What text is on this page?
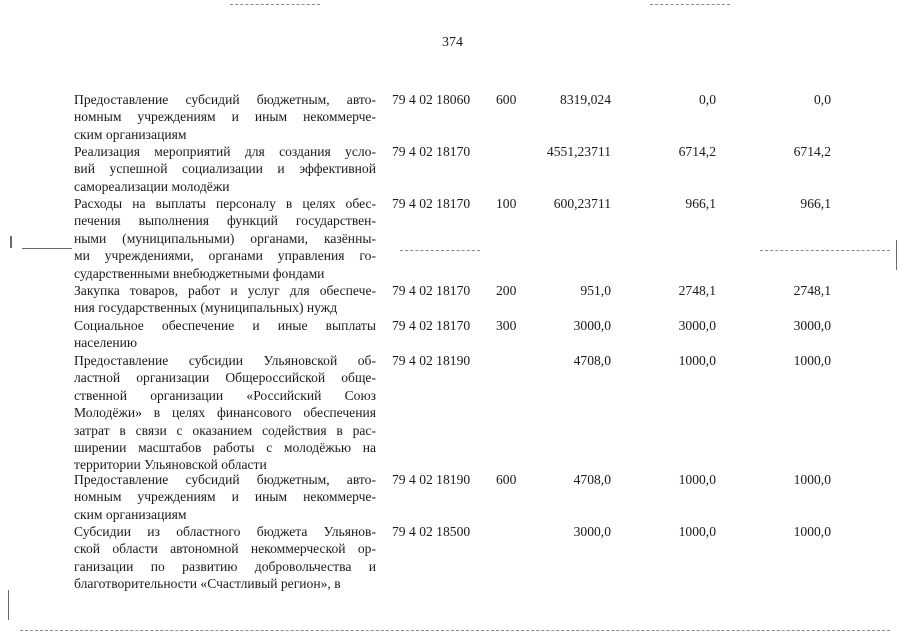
374
Предоставление субсидий бюджетным, авто-
номным учреждениям и иным некоммерче-
ским организациям
79 4 02 18060 600	8319,024	0,0	0,0
Реализация мероприятий для создания усло-
вий успешной социализации и эффективной
самореализации молодёжи
79 4 02 18170	4551,23711	6714,2	6714,2
Расходы на выплаты персоналу в целях обес-
печения выполнения функций государствен-
ными (муниципальными) органами, казённы-
ми учреждениями, органами управления го-
сударственными внебюджетными фондами
79 4 02 18170 100	600,23711	966,1	966,1
Закупка товаров, работ и услуг для обеспече-
ния государственных (муниципальных) нужд
79 4 02 18170 200	951,0	2748,1	2748,1
Социальное обеспечение и иные выплаты
населению
79 4 02 18170 300	3000,0	3000,0	3000,0
Предоставление субсидии Ульяновской об-
ластной организации Общероссийской обще-
ственной организации «Российский Союз
Молодёжи» в целях финансового обеспечения
затрат в связи с оказанием содействия в рас-
ширении масштабов работы с молодёжью на
территории Ульяновской области
79 4 02 18190	4708,0	1000,0	1000,0
Предоставление субсидий бюджетным, авто-
номным учреждениям и иным некоммерче-
ским организациям
79 4 02 18190 600	4708,0	1000,0	1000,0
Субсидии из областного бюджета Ульянов-
ской области автономной некоммерческой ор-
ганизации по развитию добровольчества и
благотворительности «Счастливый регион», в
79 4 02 18500	3000,0	1000,0	1000,0
